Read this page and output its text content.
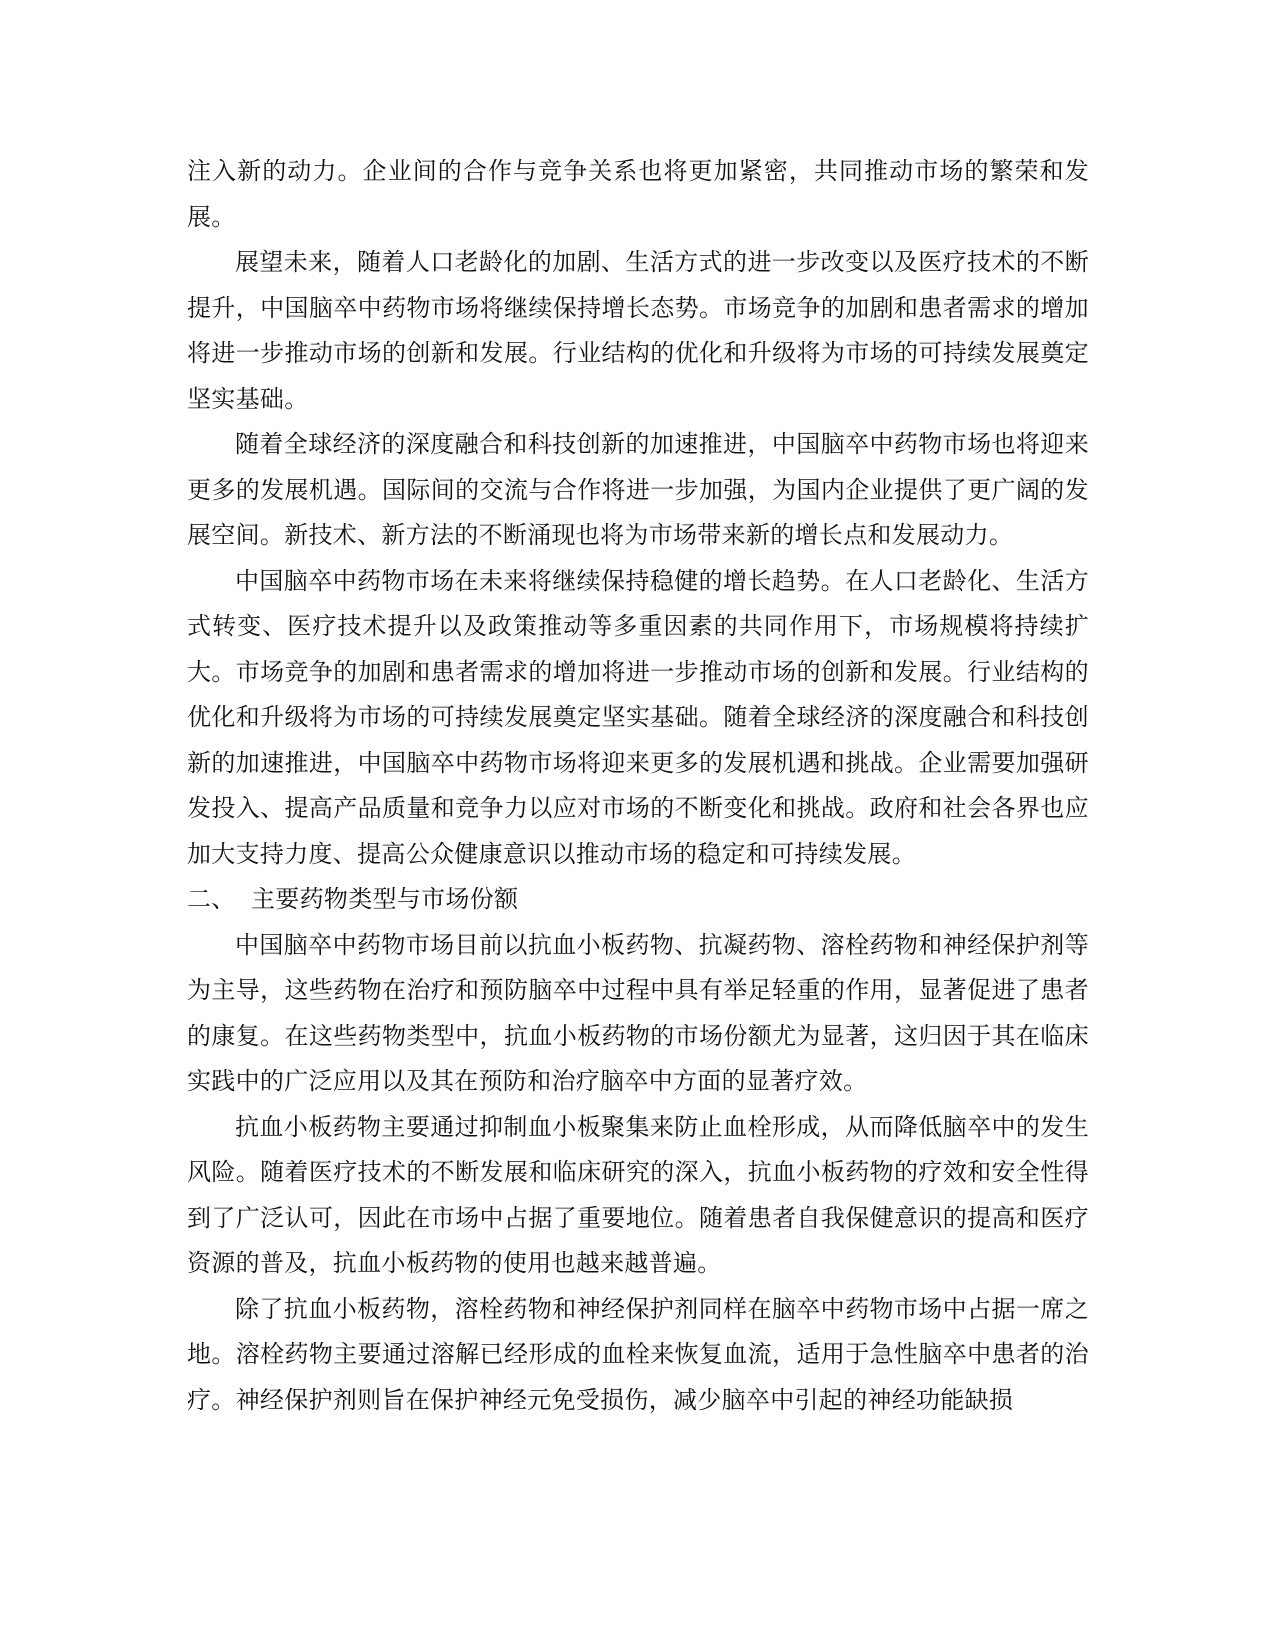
注入新的动力。企业间的合作与竞争关系也将更加紧密，共同推动市场的繁荣和发展。

展望未来，随着人口老龄化的加剧、生活方式的进一步改变以及医疗技术的不断提升，中国脑卒中药物市场将继续保持增长态势。市场竞争的加剧和患者需求的增加将进一步推动市场的创新和发展。行业结构的优化和升级将为市场的可持续发展奠定坚实基础。

随着全球经济的深度融合和科技创新的加速推进，中国脑卒中药物市场也将迎来更多的发展机遇。国际间的交流与合作将进一步加强，为国内企业提供了更广阔的发展空间。新技术、新方法的不断涌现也将为市场带来新的增长点和发展动力。

中国脑卒中药物市场在未来将继续保持稳健的增长趋势。在人口老龄化、生活方式转变、医疗技术提升以及政策推动等多重因素的共同作用下，市场规模将持续扩大。市场竞争的加剧和患者需求的增加将进一步推动市场的创新和发展。行业结构的优化和升级将为市场的可持续发展奠定坚实基础。随着全球经济的深度融合和科技创新的加速推进，中国脑卒中药物市场将迎来更多的发展机遇和挑战。企业需要加强研发投入、提高产品质量和竞争力以应对市场的不断变化和挑战。政府和社会各界也应加大支持力度、提高公众健康意识以推动市场的稳定和可持续发展。

二、 主要药物类型与市场份额

中国脑卒中药物市场目前以抗血小板药物、抗凝药物、溶栓药物和神经保护剂等为主导，这些药物在治疗和预防脑卒中过程中具有举足轻重的作用，显著促进了患者的康复。在这些药物类型中，抗血小板药物的市场份额尤为显著，这归因于其在临床实践中的广泛应用以及其在预防和治疗脑卒中方面的显著疗效。

抗血小板药物主要通过抑制血小板聚集来防止血栓形成，从而降低脑卒中的发生风险。随着医疗技术的不断发展和临床研究的深入，抗血小板药物的疗效和安全性得到了广泛认可，因此在市场中占据了重要地位。随着患者自我保健意识的提高和医疗资源的普及，抗血小板药物的使用也越来越普遍。

除了抗血小板药物，溶栓药物和神经保护剂同样在脑卒中药物市场中占据一席之地。溶栓药物主要通过溶解已经形成的血栓来恢复血流，适用于急性脑卒中患者的治疗。神经保护剂则旨在保护神经元免受损伤，减少脑卒中引起的神经功能缺损
